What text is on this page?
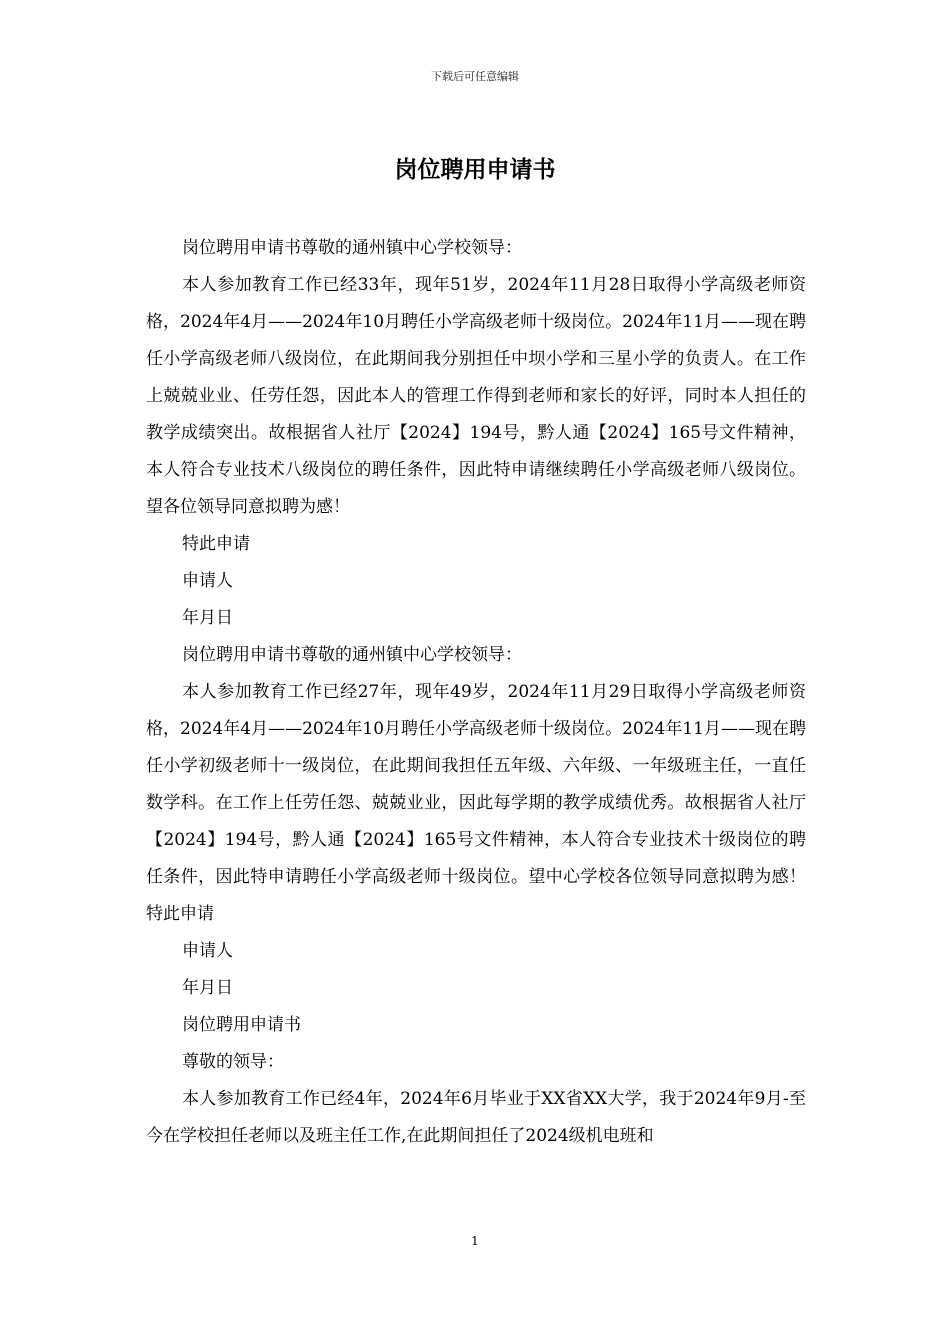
下载后可任意编辑
岗位聘用申请书

岗位聘用申请书尊敬的通州镇中心学校领导：

本人参加教育工作已经33年，现年51岁，2024年11月28日取得小学高级老师资格，2024年4月——2024年10月聘任小学高级老师十级岗位。2024年11月——现在聘任小学高级老师八级岗位，在此期间我分别担任中坝小学和三星小学的负责人。在工作上兢兢业业、任劳任怨，因此本人的管理工作得到老师和家长的好评，同时本人担任的教学成绩突出。故根据省人社厅【2024】194号，黔人通【2024】165号文件精神，本人符合专业技术八级岗位的聘任条件，因此特申请继续聘任小学高级老师八级岗位。望各位领导同意拟聘为感！

特此申请

申请人

年月日

岗位聘用申请书尊敬的通州镇中心学校领导：

本人参加教育工作已经27年，现年49岁，2024年11月29日取得小学高级老师资格，2024年4月——2024年10月聘任小学高级老师十级岗位。2024年11月——现在聘任小学初级老师十一级岗位，在此期间我担任五年级、六年级、一年级班主任，一直任数学科。在工作上任劳任怨、兢兢业业，因此每学期的教学成绩优秀。故根据省人社厅【2024】194号，黔人通【2024】165号文件精神，本人符合专业技术十级岗位的聘任条件，因此特申请聘任小学高级老师十级岗位。望中心学校各位领导同意拟聘为感！特此申请

申请人

年月日

岗位聘用申请书

尊敬的领导：

本人参加教育工作已经4年，2024年6月毕业于XX省XX大学，我于2024年9月-至今在学校担任老师以及班主任工作,在此期间担任了2024级机电班和

1
